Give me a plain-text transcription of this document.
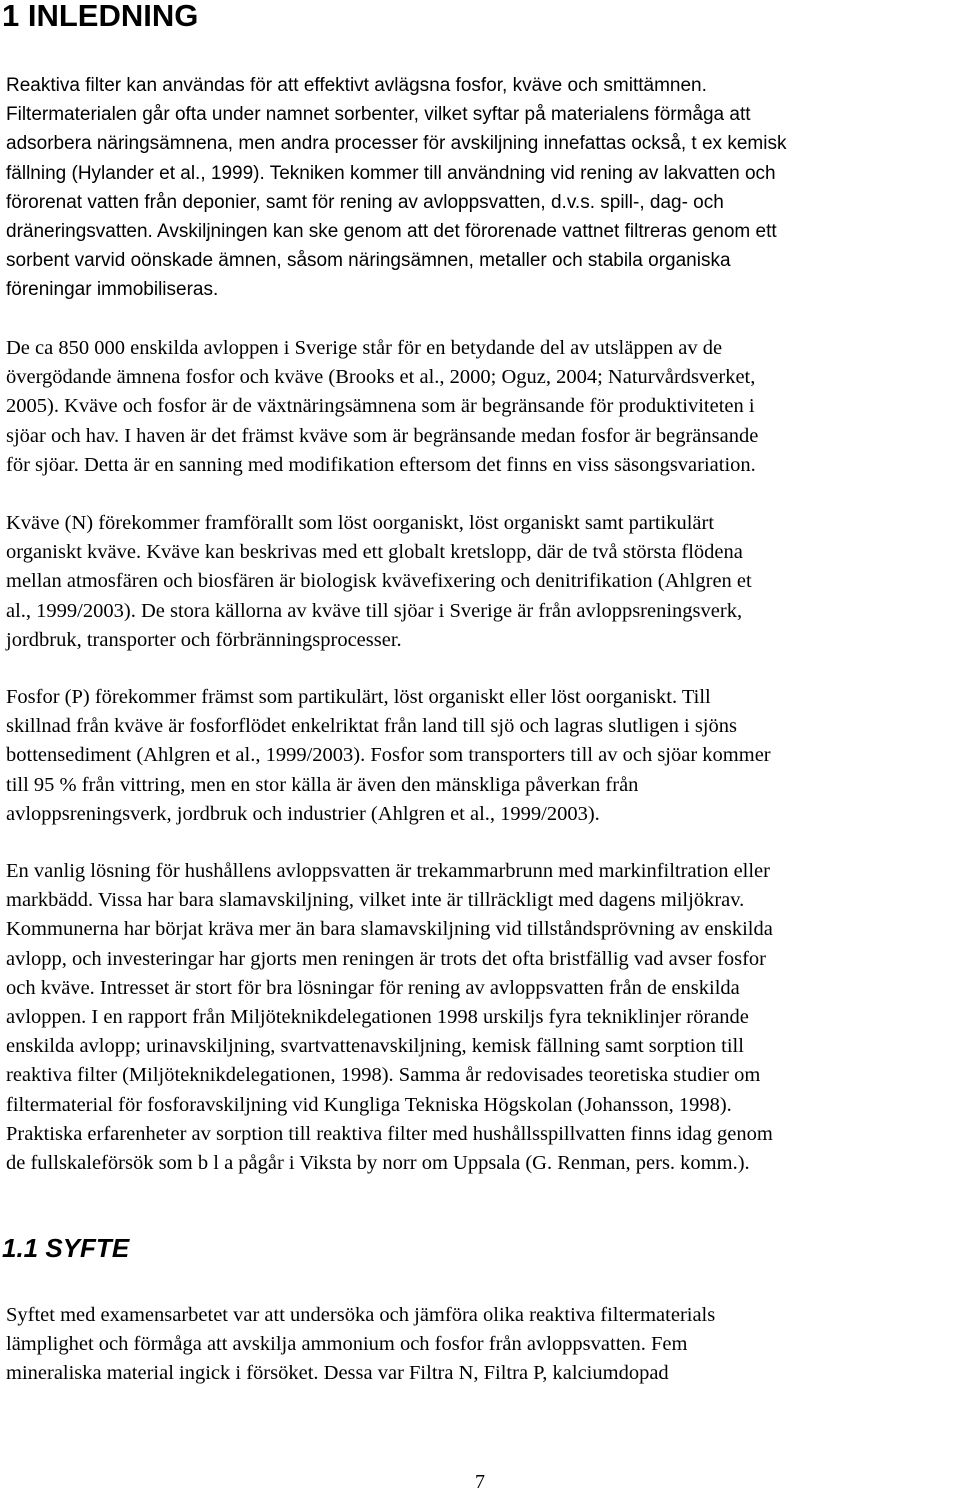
1 INLEDNING

Reaktiva filter kan användas för att effektivt avlägsna fosfor, kväve och smittämnen.
Filtermaterialen går ofta under namnet sorbenter, vilket syftar på materialens förmåga att
adsorbera näringsämnena, men andra processer för avskiljning innefattas också, t ex kemisk
fällning (Hylander et al., 1999). Tekniken kommer till användning vid rening av lakvatten och
förorenat vatten från deponier, samt för rening av avloppsvatten, d.v.s. spill-, dag- och
dräneringsvatten. Avskiljningen kan ske genom att det förorenade vattnet filtreras genom ett
sorbent varvid oönskade ämnen, såsom näringsämnen, metaller och stabila organiska
föreningar immobiliseras.

De ca 850 000 enskilda avloppen i Sverige står för en betydande del av utsläppen av de
övergödande ämnena fosfor och kväve (Brooks et al., 2000; Oguz, 2004; Naturvårdsverket,
2005). Kväve och fosfor är de växtnäringsämnena som är begränsande för produktiviteten i
sjöar och hav. I haven är det främst kväve som är begränsande medan fosfor är begränsande
för sjöar. Detta är en sanning med modifikation eftersom det finns en viss säsongsvariation.

Kväve (N) förekommer framförallt som löst oorganiskt, löst organiskt samt partikulärt
organiskt kväve. Kväve kan beskrivas med ett globalt kretslopp, där de två största flödena
mellan atmosfären och biosfären är biologisk kvävefixering och denitrifikation (Ahlgren et
al., 1999/2003). De stora källorna av kväve till sjöar i Sverige är från avloppsreningsverk,
jordbruk, transporter och förbränningsprocesser.

Fosfor (P) förekommer främst som partikulärt, löst organiskt eller löst oorganiskt. Till
skillnad från kväve är fosforflödet enkelriktat från land till sjö och lagras slutligen i sjöns
bottensediment (Ahlgren et al., 1999/2003). Fosfor som transporters till av och sjöar kommer
till 95 % från vittring, men en stor källa är även den mänskliga påverkan från
avloppsreningsverk, jordbruk och industrier (Ahlgren et al., 1999/2003).

En vanlig lösning för hushållens avloppsvatten är trekammarbrunn med markinfiltration eller
markbädd. Vissa har bara slamavskiljning, vilket inte är tillräckligt med dagens miljökrav.
Kommunerna har börjat kräva mer än bara slamavskiljning vid tillståndsprövning av enskilda
avlopp, och investeringar har gjorts men reningen är trots det ofta bristfällig vad avser fosfor
och kväve. Intresset är stort för bra lösningar för rening av avloppsvatten från de enskilda
avloppen. I en rapport från Miljöteknikdelegationen 1998 urskiljs fyra tekniklinjer rörande
enskilda avlopp; urinavskiljning, svartvattenavskiljning, kemisk fällning samt sorption till
reaktiva filter (Miljöteknikdelegationen, 1998). Samma år redovisades teoretiska studier om
filtermaterial för fosforavskiljning vid Kungliga Tekniska Högskolan (Johansson, 1998).
Praktiska erfarenheter av sorption till reaktiva filter med hushållsspillvatten finns idag genom
de fullskaleförsök som b l a pågår i Viksta by norr om Uppsala (G. Renman, pers. komm.).

1.1 SYFTE

Syftet med examensarbetet var att undersöka och jämföra olika reaktiva filtermaterials
lämplighet och förmåga att avskilja ammonium och fosfor från avloppsvatten. Fem
mineraliska material ingick i försöket. Dessa var Filtra N, Filtra P, kalciumdopad

7
